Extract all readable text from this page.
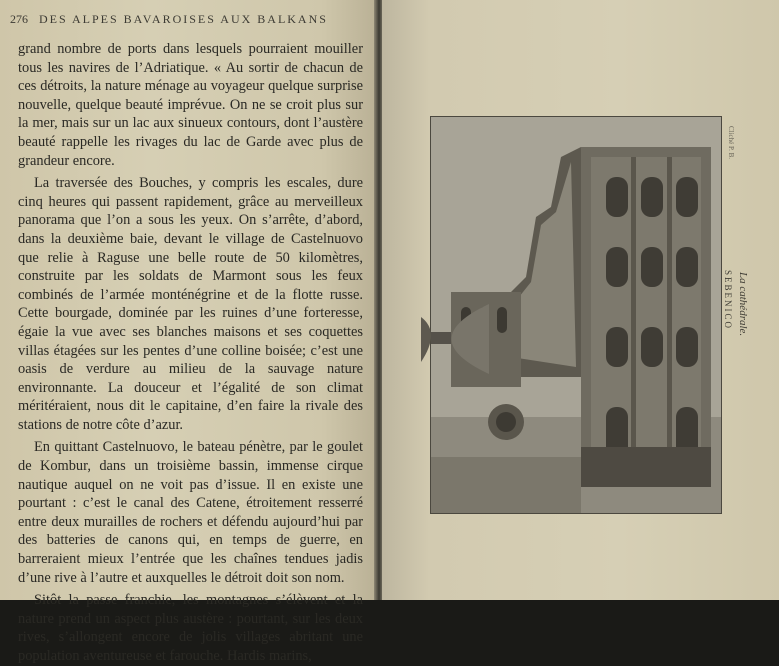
276 DES ALPES BAVAROISES AUX BALKANS

grand nombre de ports dans lesquels pourraient mouiller tous les navires de l’Adriatique. « Au sortir de chacun de ces détroits, la nature ménage au voyageur quelque surprise nouvelle, quelque beauté imprévue. On ne se croit plus sur la mer, mais sur un lac aux sinueux contours, dont l’austère beauté rappelle les rivages du lac de Garde avec plus de grandeur encore.

La traversée des Bouches, y compris les escales, dure cinq heures qui passent rapidement, grâce au merveilleux panorama que l’on a sous les yeux. On s’arrête, d’abord, dans la deuxième baie, devant le village de Castelnuovo que relie à Raguse une belle route de 50 kilomètres, construite par les soldats de Marmont sous les feux combinés de l’armée monténégrine et de la flotte russe. Cette bourgade, dominée par les ruines d’une forteresse, égaie la vue avec ses blanches maisons et ses coquettes villas étagées sur les pentes d’une colline boisée; c’est une oasis de verdure au milieu de la sauvage nature environnante. La douceur et l’égalité de son climat méritéraient, nous dit le capitaine, d’en faire la rivale des stations de notre côte d’azur.

En quittant Castelnuovo, le bateau pénètre, par le goulet de Kombur, dans un troisième bassin, immense cirque nautique auquel on ne voit pas d’issue. Il en existe une pourtant : c’est le canal des Catene, étroitement resserré entre deux murailles de rochers et défendu aujourd’hui par des batteries de canons qui, en temps de guerre, en barreraient mieux l’entrée que les chaînes tendues jadis d’une rive à l’autre et auxquelles le détroit doit son nom.

Sitôt la passe franchie, les montagnes s’élèvent et la nature prend un aspect plus austère : pourtant, sur les deux rives, s’allongent encore de jolis villages abritant une population aventureuse et farouche. Hardis marins,

Cliché P. B.
SEBENICO La cathédrale.
